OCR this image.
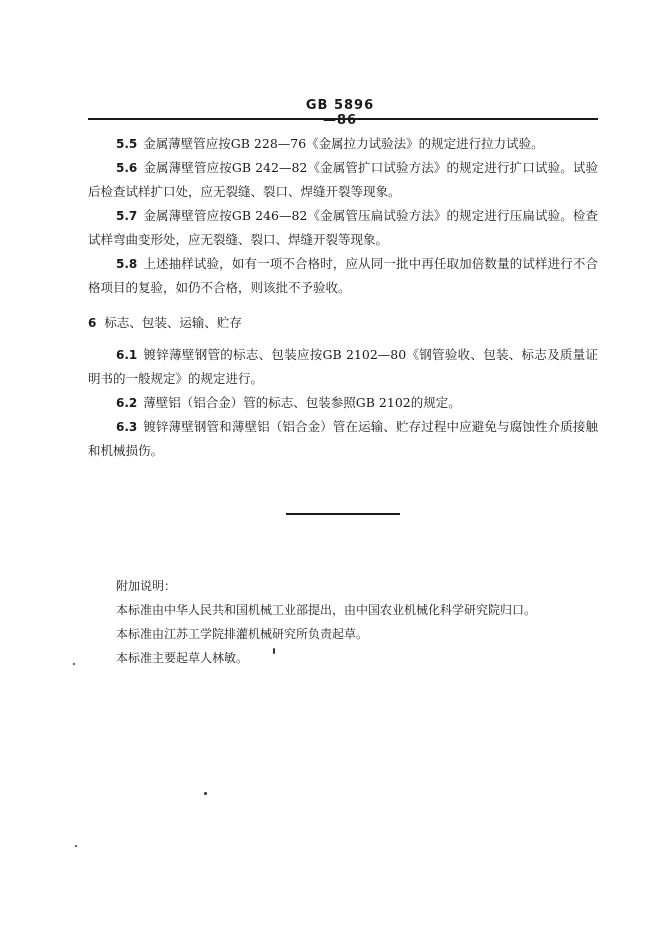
GB 5896—86

5.5 金属薄壁管应按GB 228—76《金属拉力试验法》的规定进行拉力试验。

5.6 金属薄壁管应按GB 242—82《金属管扩口试验方法》的规定进行扩口试验。试验后检查试样扩口处，应无裂缝、裂口、焊缝开裂等现象。

5.7 金属薄壁管应按GB 246—82《金属管压扁试验方法》的规定进行压扁试验。检查试样弯曲变形处，应无裂缝、裂口、焊缝开裂等现象。

5.8 上述抽样试验，如有一项不合格时，应从同一批中再任取加倍数量的试样进行不合格项目的复验，如仍不合格，则该批不予验收。

6 标志、包装、运输、贮存

6.1 镀锌薄壁钢管的标志、包装应按GB 2102—80《钢管验收、包装、标志及质量证明书的一般规定》的规定进行。

6.2 薄壁铝（铝合金）管的标志、包装参照GB 2102的规定。

6.3 镀锌薄壁钢管和薄壁铝（铝合金）管在运输、贮存过程中应避免与腐蚀性介质接触和机械损伤。

附加说明：

本标准由中华人民共和国机械工业部提出，由中国农业机械化科学研究院归口。

本标准由江苏工学院排灌机械研究所负责起草。

本标准主要起草人林敏。
